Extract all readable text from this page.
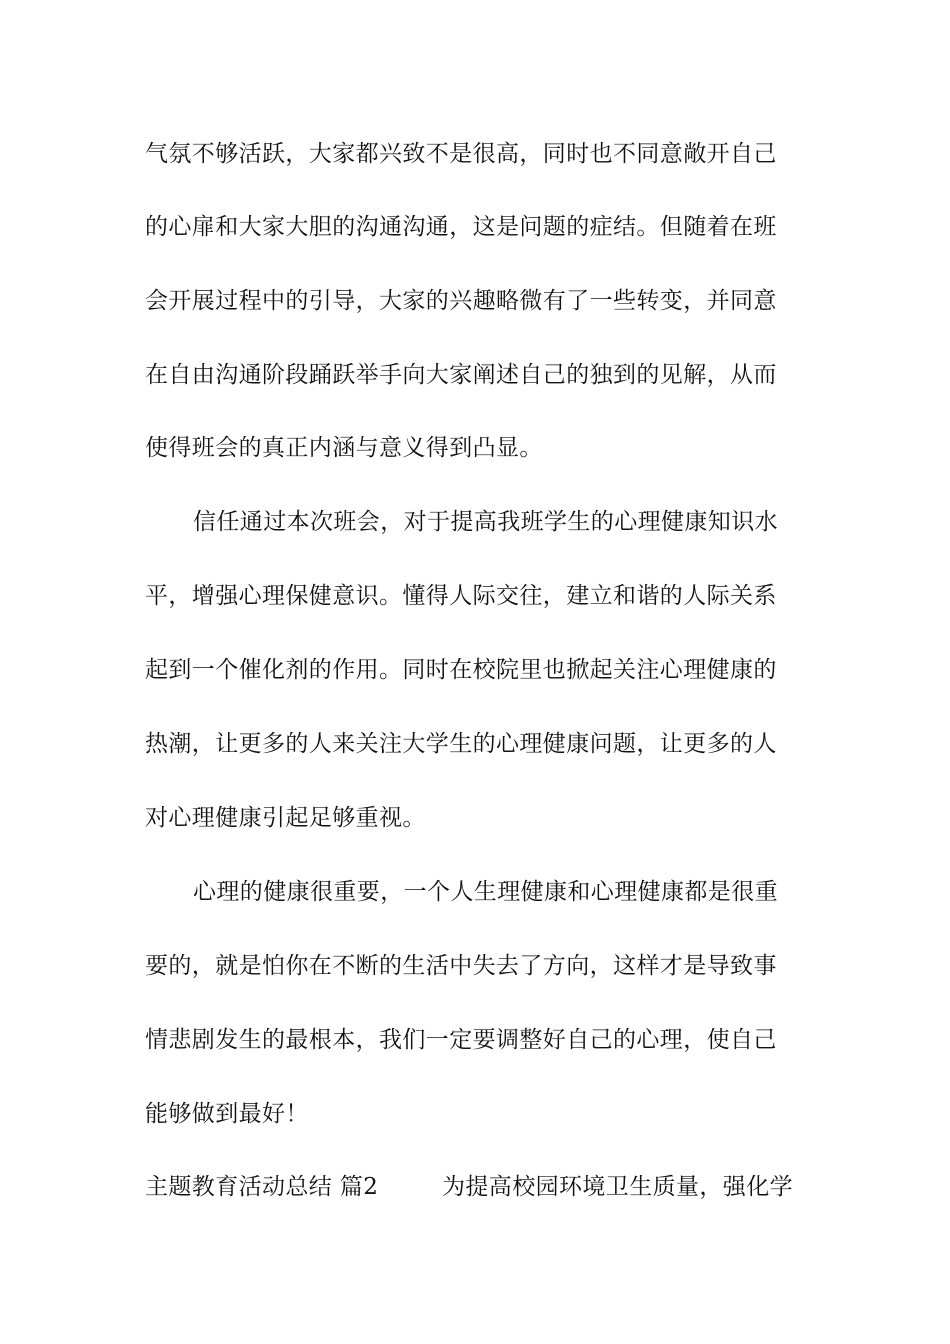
气氛不够活跃，大家都兴致不是很高，同时也不同意敞开自己
的心扉和大家大胆的沟通沟通，这是问题的症结。但随着在班
会开展过程中的引导，大家的兴趣略微有了一些转变，并同意
在自由沟通阶段踊跃举手向大家阐述自己的独到的见解，从而
使得班会的真正内涵与意义得到凸显。
信任通过本次班会，对于提高我班学生的心理健康知识水
平，增强心理保健意识。懂得人际交往，建立和谐的人际关系
起到一个催化剂的作用。同时在校院里也掀起关注心理健康的
热潮，让更多的人来关注大学生的心理健康问题，让更多的人
对心理健康引起足够重视。
心理的健康很重要，一个人生理健康和心理健康都是很重
要的，就是怕你在不断的生活中失去了方向，这样才是导致事
情悲剧发生的最根本，我们一定要调整好自己的心理，使自己
能够做到最好！
主题教育活动总结 篇2	为提高校园环境卫生质量，强化学
